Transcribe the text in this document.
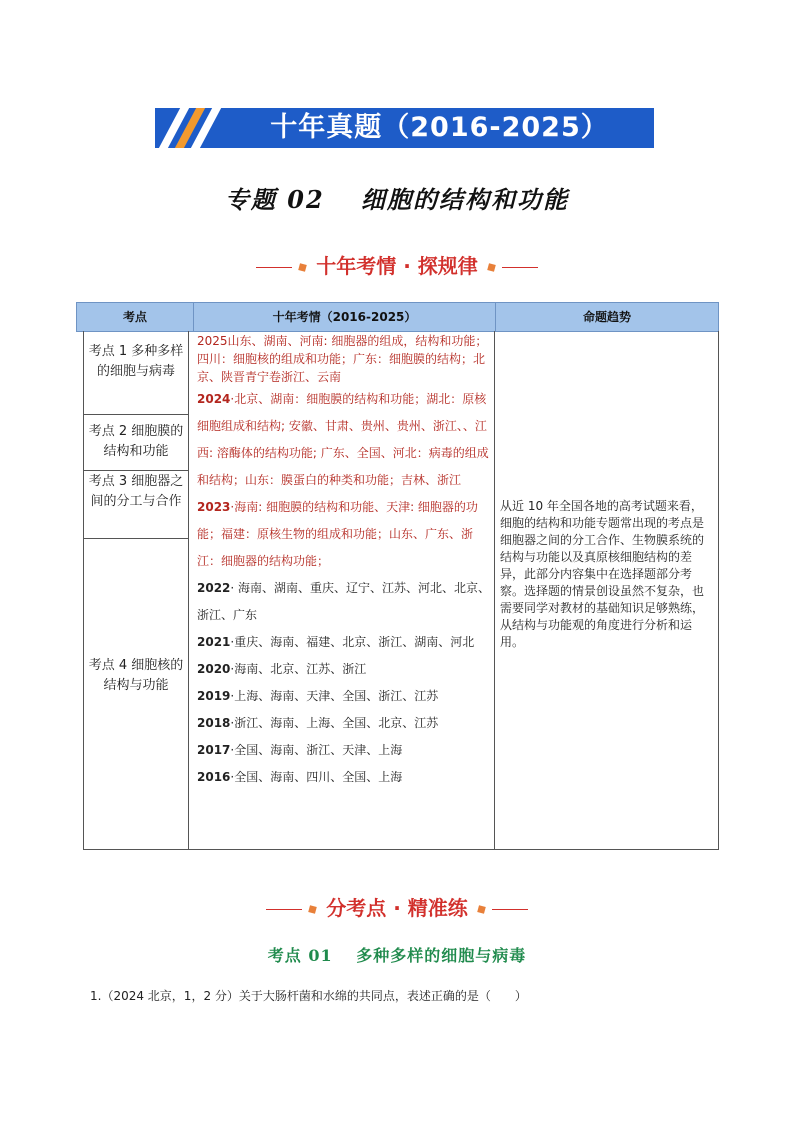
十年真题（2016-2025）
专题 02　 细胞的结构和功能
十年考情 · 探规律
考点	十年考情（2016-2025）	命题趋势
考点 1 多种多样的细胞与病毒
考点 2 细胞膜的结构和功能
考点 3 细胞器之间的分工与合作
考点 4 细胞核的结构与功能

2025山东、湖南、河南: 细胞器的组成，结构和功能；四川：细胞核的组成和功能；广东：细胞膜的结构；北京、陕晋青宁卷浙江、云南

2024·北京、湖南：细胞膜的结构和功能；湖北：原核细胞组成和结构; 安徽、甘肃、贵州、贵州、浙江、、江西: 溶酶体的结构功能; 广东、全国、河北：病毒的组成和结构；山东：膜蛋白的种类和功能；吉林、浙江

2023·海南: 细胞膜的结构和功能、天津: 细胞器的功能；福建：原核生物的组成和功能；山东、广东、浙江：细胞器的结构功能；

2022· 海南、湖南、重庆、辽宁、江苏、河北、北京、浙江、广东

2021·重庆、海南、福建、北京、浙江、湖南、河北

2020·海南、北京、江苏、浙江

2019·上海、海南、天津、全国、浙江、江苏

2018·浙江、海南、上海、全国、北京、江苏

2017·全国、海南、浙江、天津、上海

2016·全国、海南、四川、全国、上海

从近 10 年全国各地的高考试题来看，细胞的结构和功能专题常出现的考点是细胞器之间的分工合作、生物膜系统的结构与功能以及真原核细胞结构的差异，此部分内容集中在选择题部分考察。选择题的情景创设虽然不复杂，也需要同学对教材的基础知识足够熟练，从结构与功能观的角度进行分析和运用。
分考点 · 精准练
考点 01　 多种多样的细胞与病毒
1.（2024 北京，1，2 分）关于大肠杆菌和水绵的共同点，表述正确的是（　　）
